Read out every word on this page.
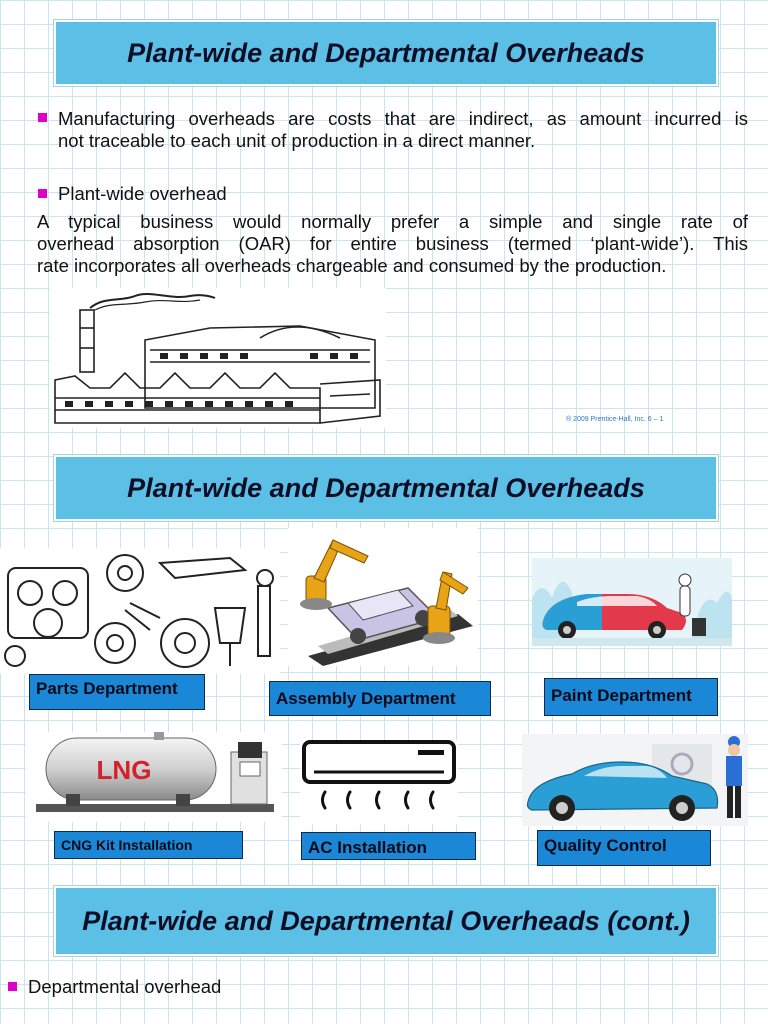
Plant-wide and Departmental Overheads
Manufacturing overheads are costs that are indirect, as amount incurred is
not traceable to each unit of production in a direct manner.
Plant-wide overhead
A typical business would normally prefer a simple and single rate of
overhead absorption (OAR) for entire business (termed ‘plant-wide’). This
rate incorporates all overheads chargeable and consumed by the production.
® 2009 Prentice-Hall, Inc. 6 – 1
Plant-wide and Departmental Overheads
Parts Department	Assembly Department	Paint Department
LNG
CNG Kit Installation	AC Installation	Quality Control
Plant-wide and Departmental Overheads (cont.)
Departmental overhead
